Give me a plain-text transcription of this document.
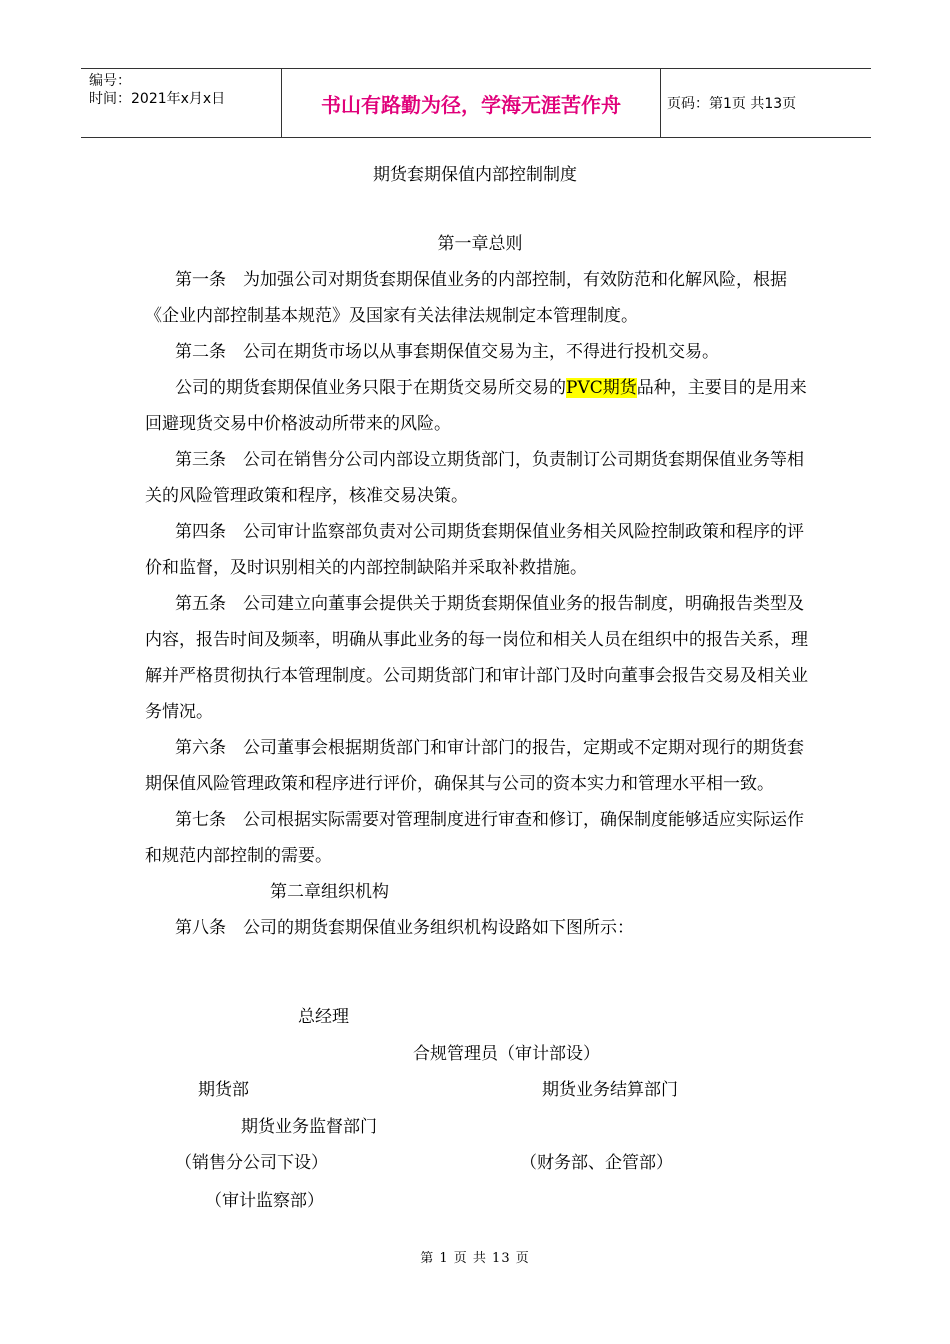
编号：
时间：2021年x月x日	书山有路勤为径，学海无涯苦作舟	页码：第1页 共13页
期货套期保值内部控制制度

第一章总则

第一条　为加强公司对期货套期保值业务的内部控制，有效防范和化解风险，根据《企业内部控制基本规范》及国家有关法律法规制定本管理制度。

第二条　公司在期货市场以从事套期保值交易为主，不得进行投机交易。

公司的期货套期保值业务只限于在期货交易所交易的PVC期货品种，主要目的是用来回避现货交易中价格波动所带来的风险。

第三条　公司在销售分公司内部设立期货部门，负责制订公司期货套期保值业务等相关的风险管理政策和程序，核准交易决策。

第四条　公司审计监察部负责对公司期货套期保值业务相关风险控制政策和程序的评价和监督，及时识别相关的内部控制缺陷并采取补救措施。

第五条　公司建立向董事会提供关于期货套期保值业务的报告制度，明确报告类型及内容，报告时间及频率，明确从事此业务的每一岗位和相关人员在组织中的报告关系，理解并严格贯彻执行本管理制度。公司期货部门和审计部门及时向董事会报告交易及相关业务情况。

第六条　公司董事会根据期货部门和审计部门的报告，定期或不定期对现行的期货套期保值风险管理政策和程序进行评价，确保其与公司的资本实力和管理水平相一致。

第七条　公司根据实际需要对管理制度进行审查和修订，确保制度能够适应实际运作和规范内部控制的需要。

第二章组织机构

第八条　公司的期货套期保值业务组织机构设路如下图所示：

总经理
合规管理员（审计部设）
期货部	期货业务结算部门
期货业务监督部门
（销售分公司下设）	（财务部、企管部）
（审计监察部）
第 1 页 共 13 页
